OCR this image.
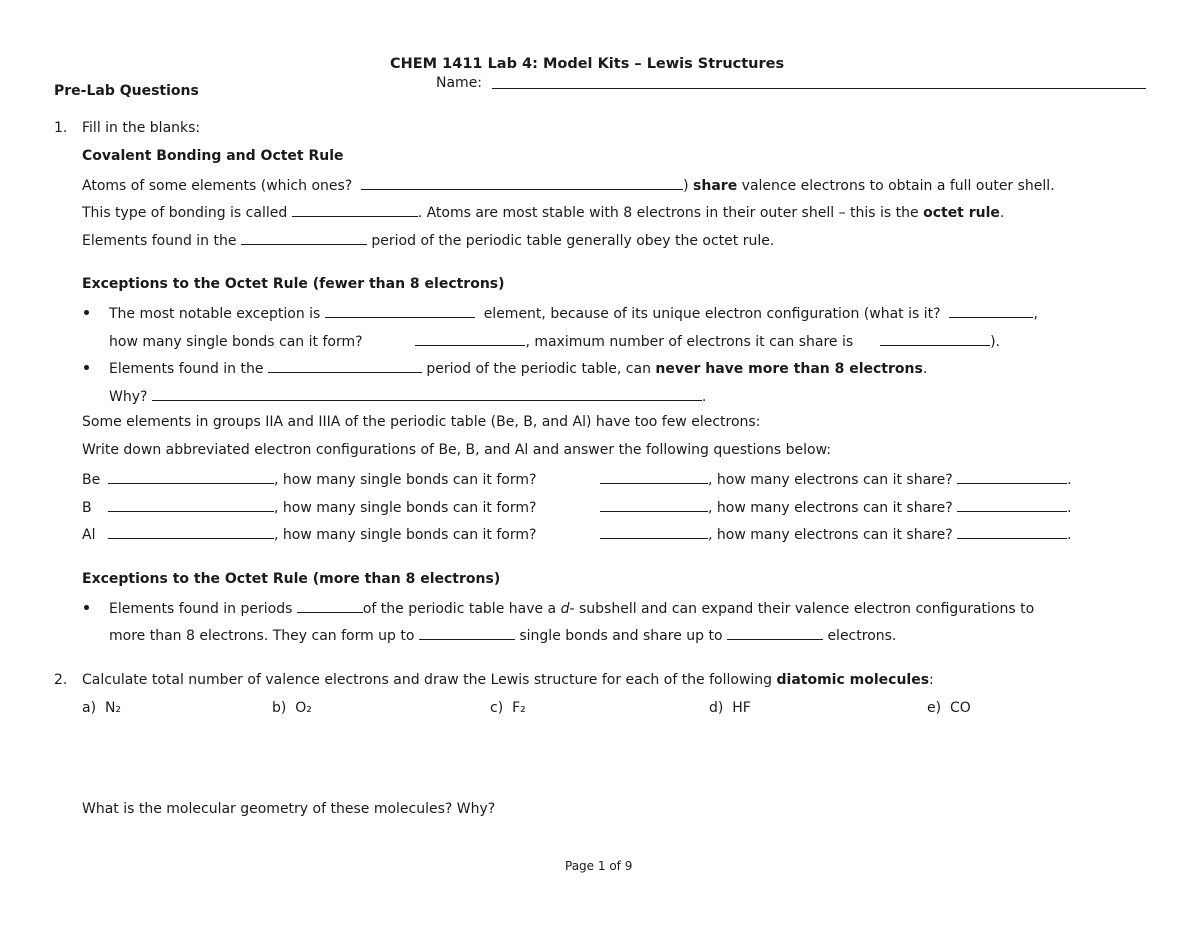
CHEM 1411 Lab 4: Model Kits – Lewis Structures
Name:
Pre-Lab Questions
1. Fill in the blanks:
Covalent Bonding and Octet Rule
Atoms of some elements (which ones?	) share valence electrons to obtain a full outer shell.
This type of bonding is called	. Atoms are most stable with 8 electrons in their outer shell – this is the octet rule.
Elements found in the	period of the periodic table generally obey the octet rule.
Exceptions to the Octet Rule (fewer than 8 electrons)
The most notable exception is	element, because of its unique electron configuration (what is it?	,
how many single bonds can it form?	, maximum number of electrons it can share is	).
Elements found in the	period of the periodic table, can never have more than 8 electrons.
Why?	.
Some elements in groups IIA and IIIA of the periodic table (Be, B, and Al) have too few electrons:
Write down abbreviated electron configurations of Be, B, and Al and answer the following questions below:
Be	, how many single bonds can it form?	, how many electrons can it share?	.
B	, how many single bonds can it form?	, how many electrons can it share?	.
Al	, how many single bonds can it form?	, how many electrons can it share?	.
Exceptions to the Octet Rule (more than 8 electrons)
Elements found in periods	of the periodic table have a d- subshell and can expand their valence electron configurations to
more than 8 electrons. They can form up to	single bonds and share up to	electrons.
2. Calculate total number of valence electrons and draw the Lewis structure for each of the following diatomic molecules:
a) N₂	b) O₂	c) F₂	d) HF	e) CO
What is the molecular geometry of these molecules? Why?
Page 1 of 9
